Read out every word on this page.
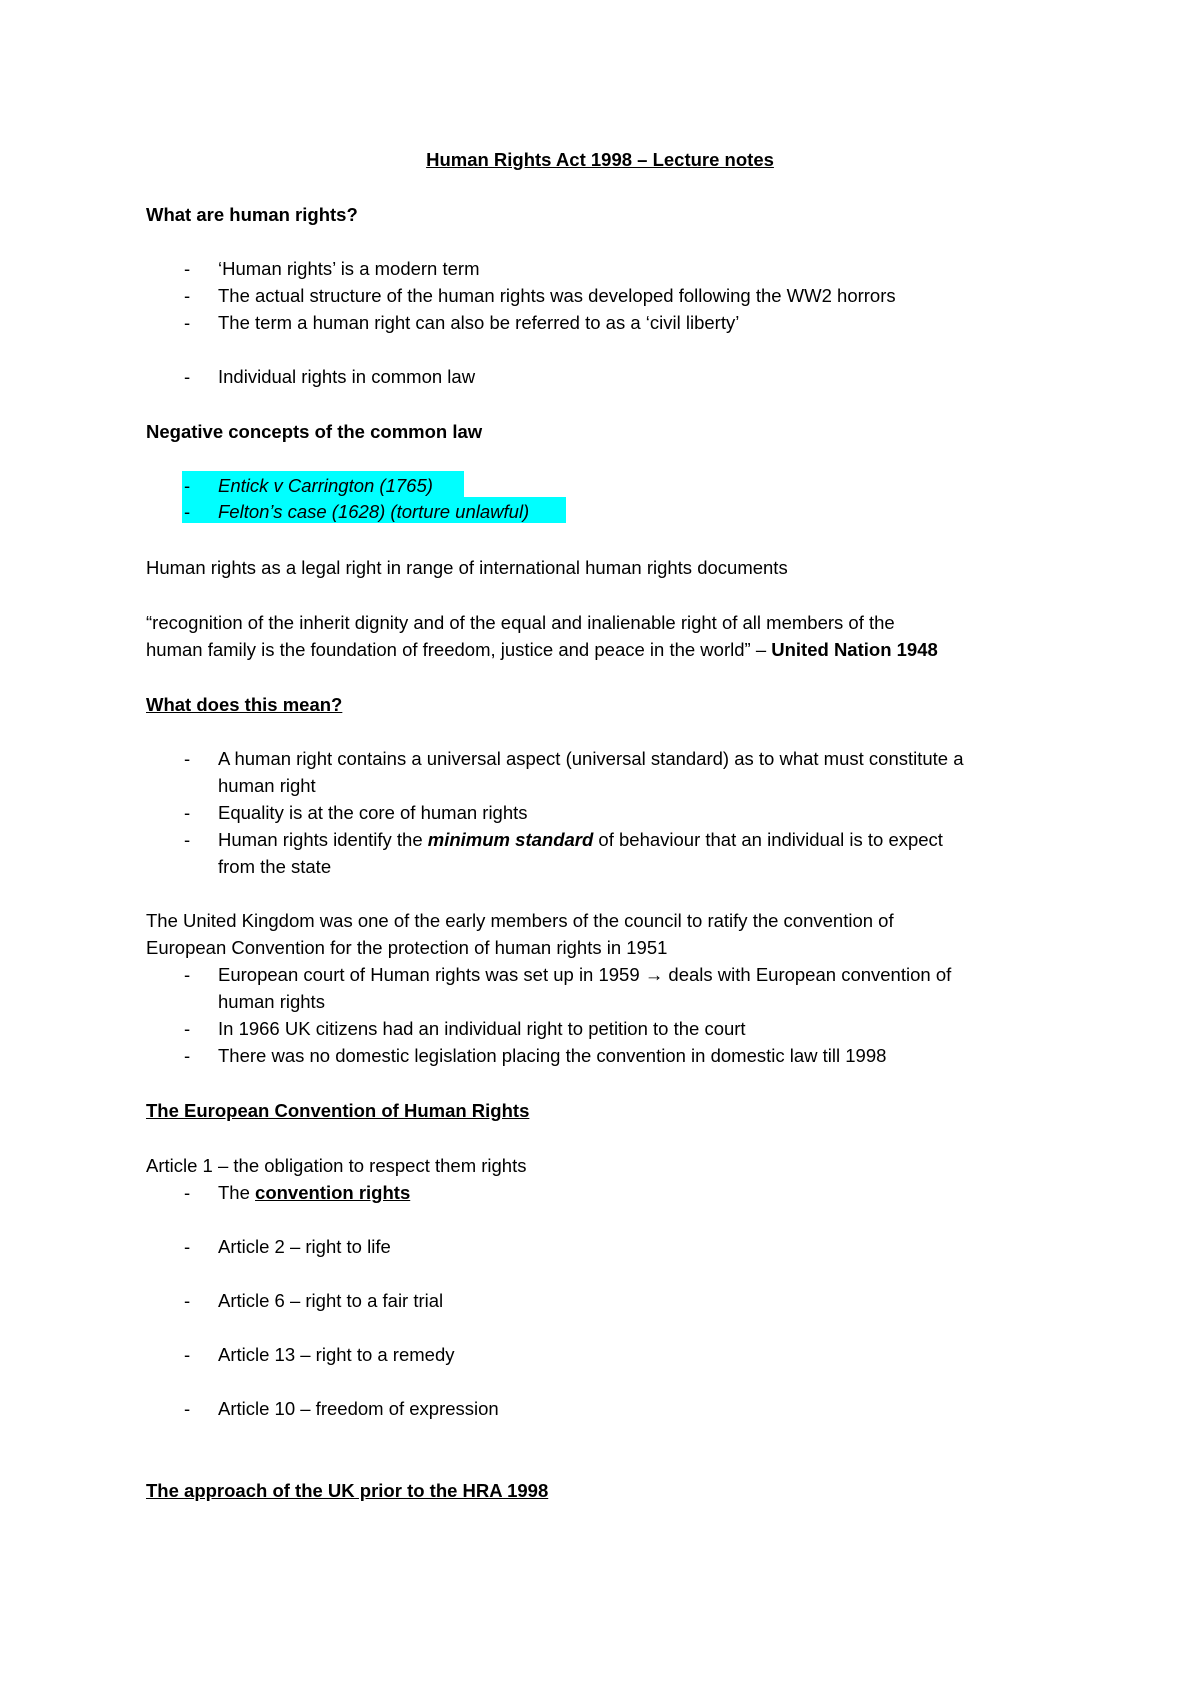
Human Rights Act 1998 – Lecture notes
What are human rights?
- ‘Human rights’ is a modern term
- The actual structure of the human rights was developed following the WW2 horrors
- The term a human right can also be referred to as a ‘civil liberty’
- Individual rights in common law
Negative concepts of the common law
- Entick v Carrington (1765)
- Felton’s case (1628) (torture unlawful)
Human rights as a legal right in range of international human rights documents
“recognition of the inherit dignity and of the equal and inalienable right of all members of the
human family is the foundation of freedom, justice and peace in the world” – United Nation 1948
What does this mean?
- A human right contains a universal aspect (universal standard) as to what must constitute a
human right
- Equality is at the core of human rights
- Human rights identify the minimum standard of behaviour that an individual is to expect
from the state
The United Kingdom was one of the early members of the council to ratify the convention of
European Convention for the protection of human rights in 1951
- European court of Human rights was set up in 1959 → deals with European convention of
human rights
- In 1966 UK citizens had an individual right to petition to the court
- There was no domestic legislation placing the convention in domestic law till 1998
The European Convention of Human Rights
Article 1 – the obligation to respect them rights
- The convention rights
- Article 2 – right to life
- Article 6 – right to a fair trial
- Article 13 – right to a remedy
- Article 10 – freedom of expression
The approach of the UK prior to the HRA 1998
